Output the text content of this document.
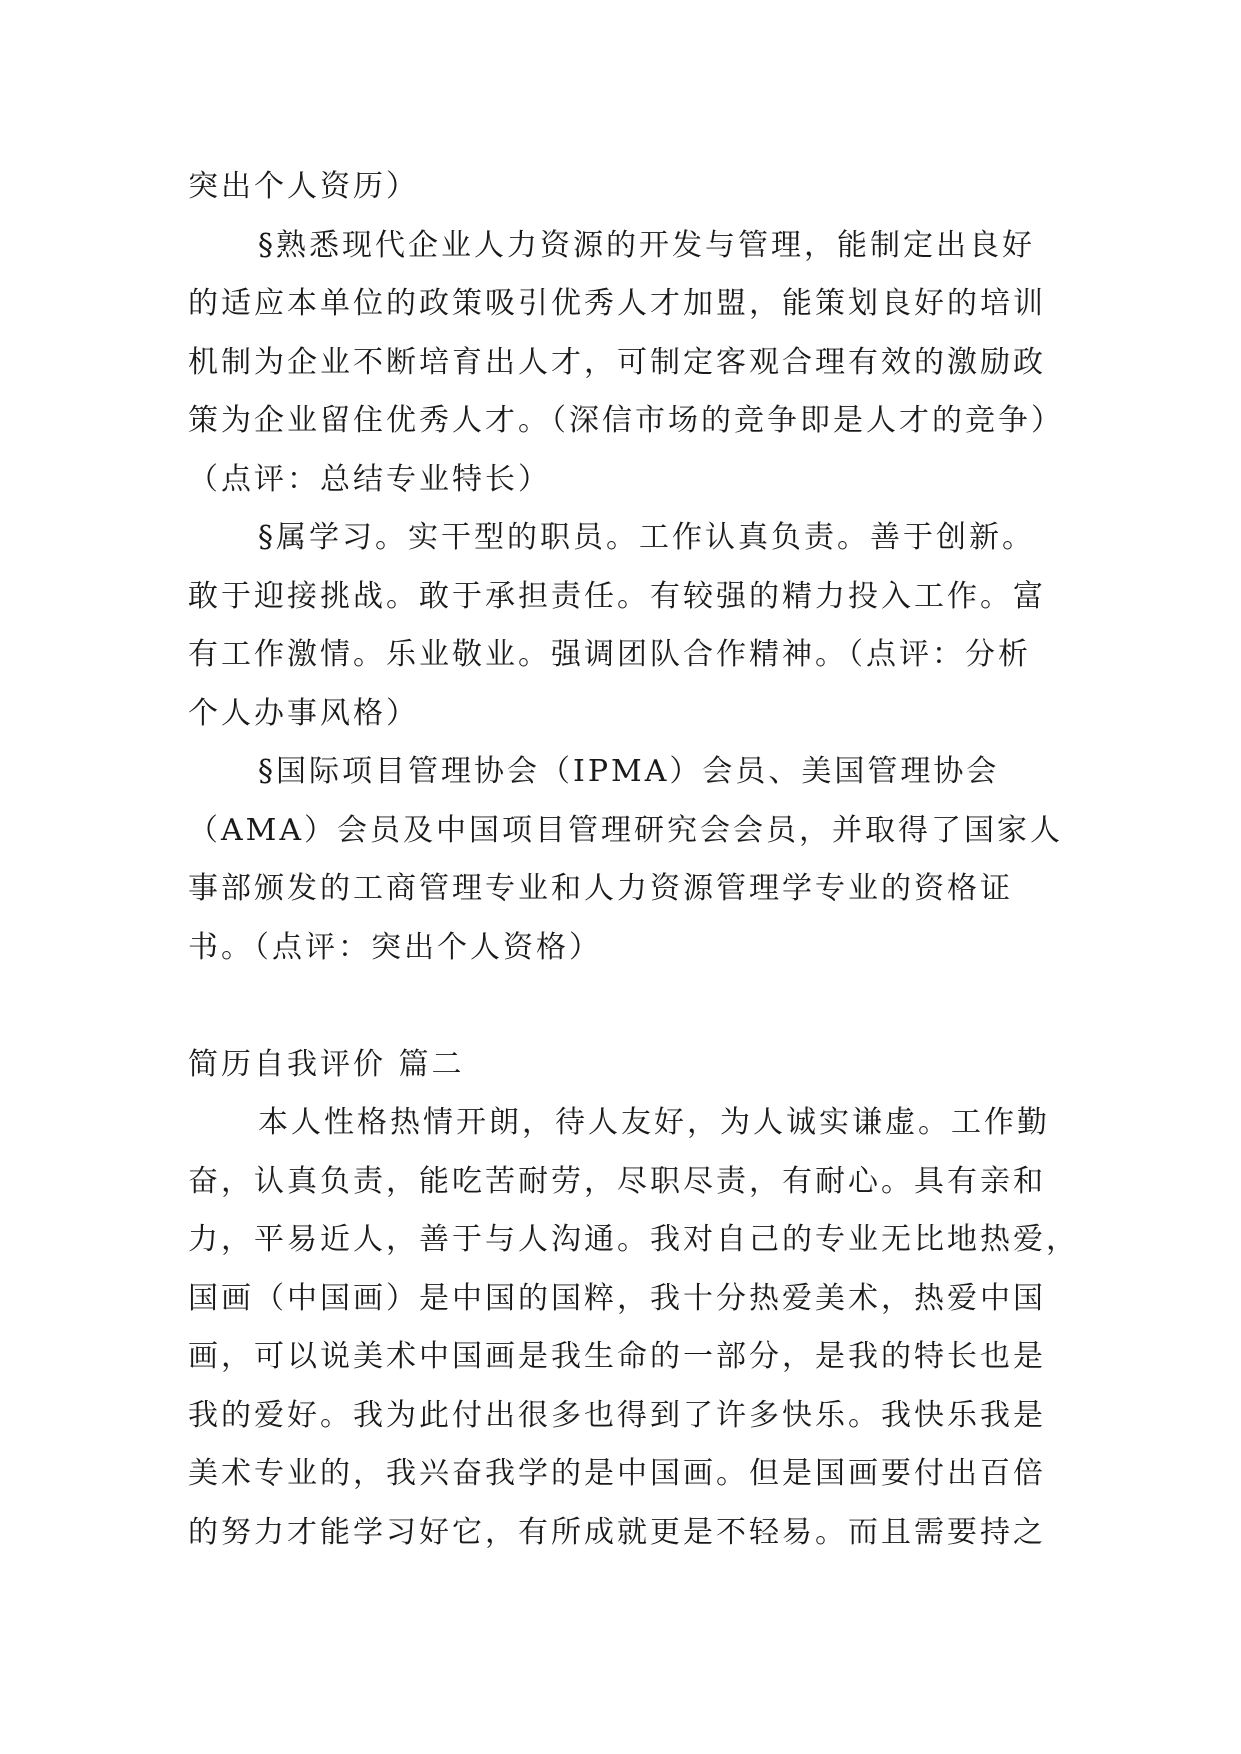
突出个人资历）
§熟悉现代企业人力资源的开发与管理，能制定出良好
的适应本单位的政策吸引优秀人才加盟，能策划良好的培训
机制为企业不断培育出人才，可制定客观合理有效的激励政
策为企业留住优秀人才。（深信市场的竞争即是人才的竞争）
（点评：总结专业特长）
§属学习。实干型的职员。工作认真负责。善于创新。
敢于迎接挑战。敢于承担责任。有较强的精力投入工作。富
有工作激情。乐业敬业。强调团队合作精神。（点评：分析
个人办事风格）
§国际项目管理协会（IPMA）会员、美国管理协会
（AMA）会员及中国项目管理研究会会员，并取得了国家人
事部颁发的工商管理专业和人力资源管理学专业的资格证
书。（点评：突出个人资格）
简历自我评价 篇二
本人性格热情开朗，待人友好，为人诚实谦虚。工作勤
奋，认真负责，能吃苦耐劳，尽职尽责，有耐心。具有亲和
力，平易近人，善于与人沟通。我对自己的专业无比地热爱，
国画（中国画）是中国的国粹，我十分热爱美术，热爱中国
画，可以说美术中国画是我生命的一部分，是我的特长也是
我的爱好。我为此付出很多也得到了许多快乐。我快乐我是
美术专业的，我兴奋我学的是中国画。但是国画要付出百倍
的努力才能学习好它，有所成就更是不轻易。而且需要持之
